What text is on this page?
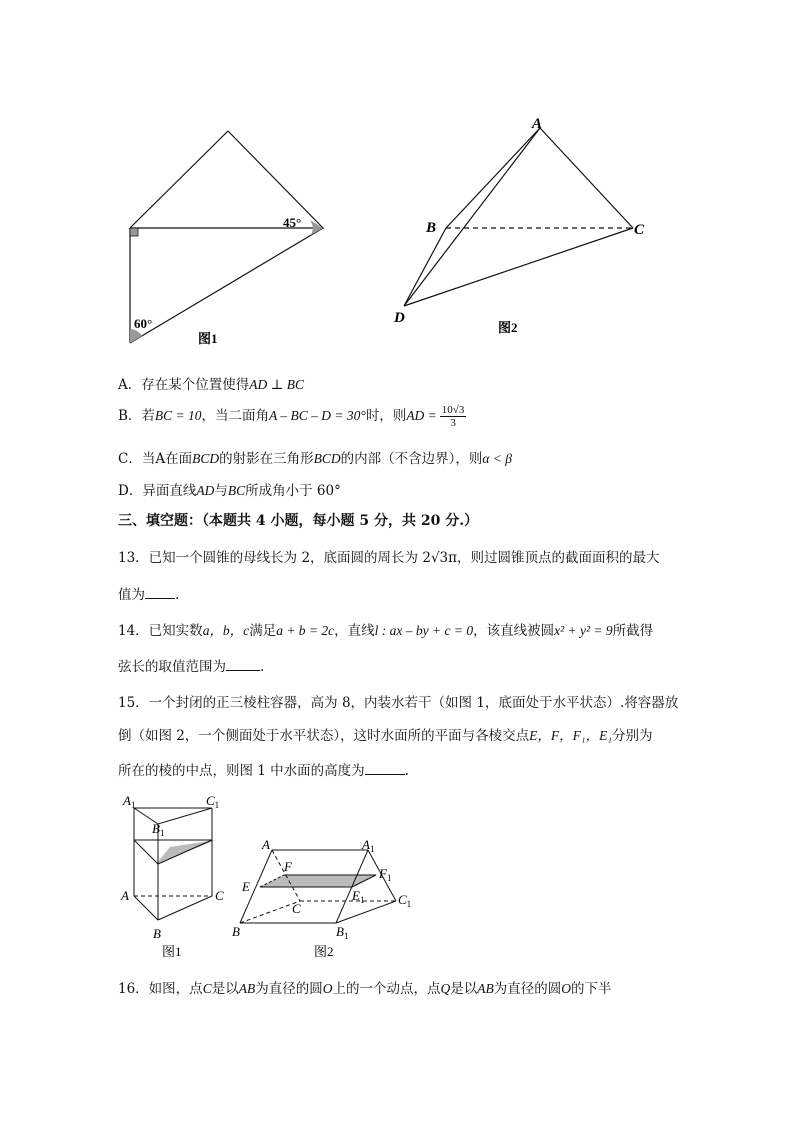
45°
60°
图1
A
B	C
D
图2
A．存在某个位置使得AD ⊥ BC
B．若BC = 10，当二面角A – BC – D = 30°时，则AD = $\frac{10√3}{3}$
C．当A在面BCD的射影在三角形BCD的内部（不含边界），则α < β
D．异面直线AD与BC所成角小于 60°
三、填空题：（本题共 4 小题，每小题 5 分，共 20 分.）
13．已知一个圆锥的母线长为 2，底面圆的周长为 2√3π，则过圆锥顶点的截面面积的最大
值为 .
14．已知实数a，b，c满足a + b = 2c，直线l : ax – by + c = 0，该直线被圆x² + y² = 9所截得
弦长的取值范围为	.
15．一个封闭的正三棱柱容器，高为 8，内装水若干（如图 1，底面处于水平状态）.将容器放
倒（如图 2，一个侧面处于水平状态），这时水面所的平面与各棱交点E，F，F₁，E₁分别为
所在的棱的中点，则图 1 中水面的高度为	.
$A_1$	$C_1$
$B_1$
A	C
B
图1
A	$A_1$
F	$F_1$
E
$E_1$
C
$C_1$
B	$B_1$
图2
16．如图，点C是以AB为直径的圆O上的一个动点，点Q是以AB为直径的圆O的下半
